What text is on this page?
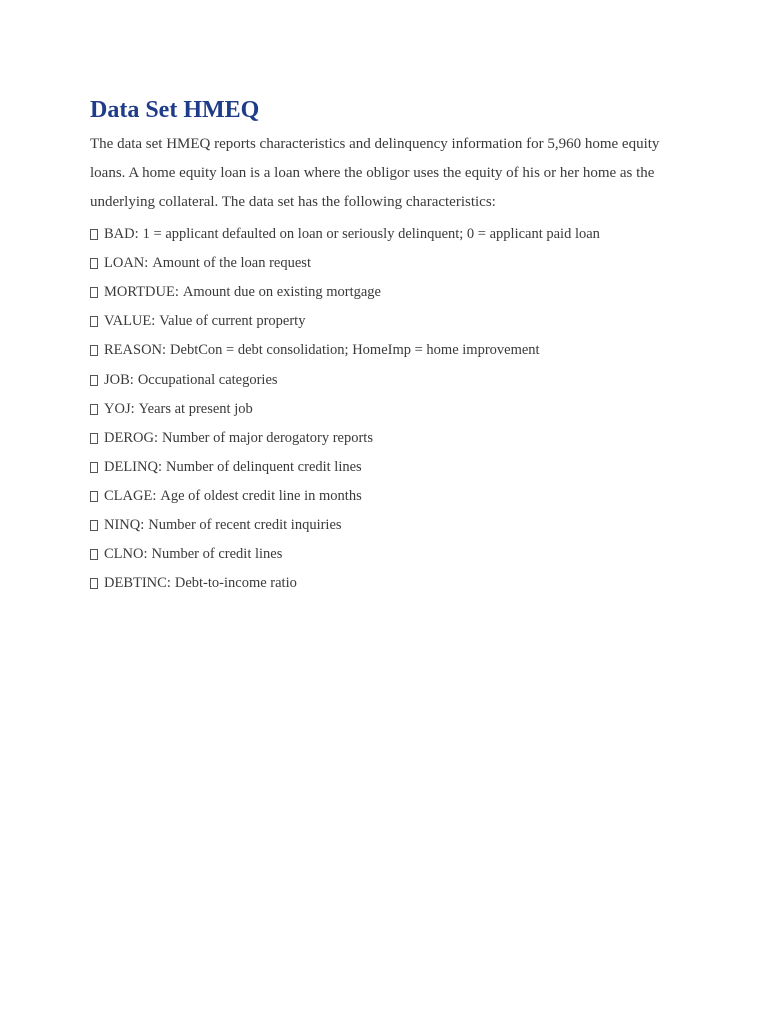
Data Set HMEQ

The data set HMEQ reports characteristics and delinquency information for 5,960 home equity loans. A home equity loan is a loan where the obligor uses the equity of his or her home as the underlying collateral. The data set has the following characteristics:

BAD: 1 = applicant defaulted on loan or seriously delinquent; 0 = applicant paid loan
LOAN: Amount of the loan request
MORTDUE: Amount due on existing mortgage
VALUE: Value of current property
REASON: DebtCon = debt consolidation; HomeImp = home improvement
JOB: Occupational categories
YOJ: Years at present job
DEROG: Number of major derogatory reports
DELINQ: Number of delinquent credit lines
CLAGE: Age of oldest credit line in months
NINQ: Number of recent credit inquiries
CLNO: Number of credit lines
DEBTINC: Debt-to-income ratio
